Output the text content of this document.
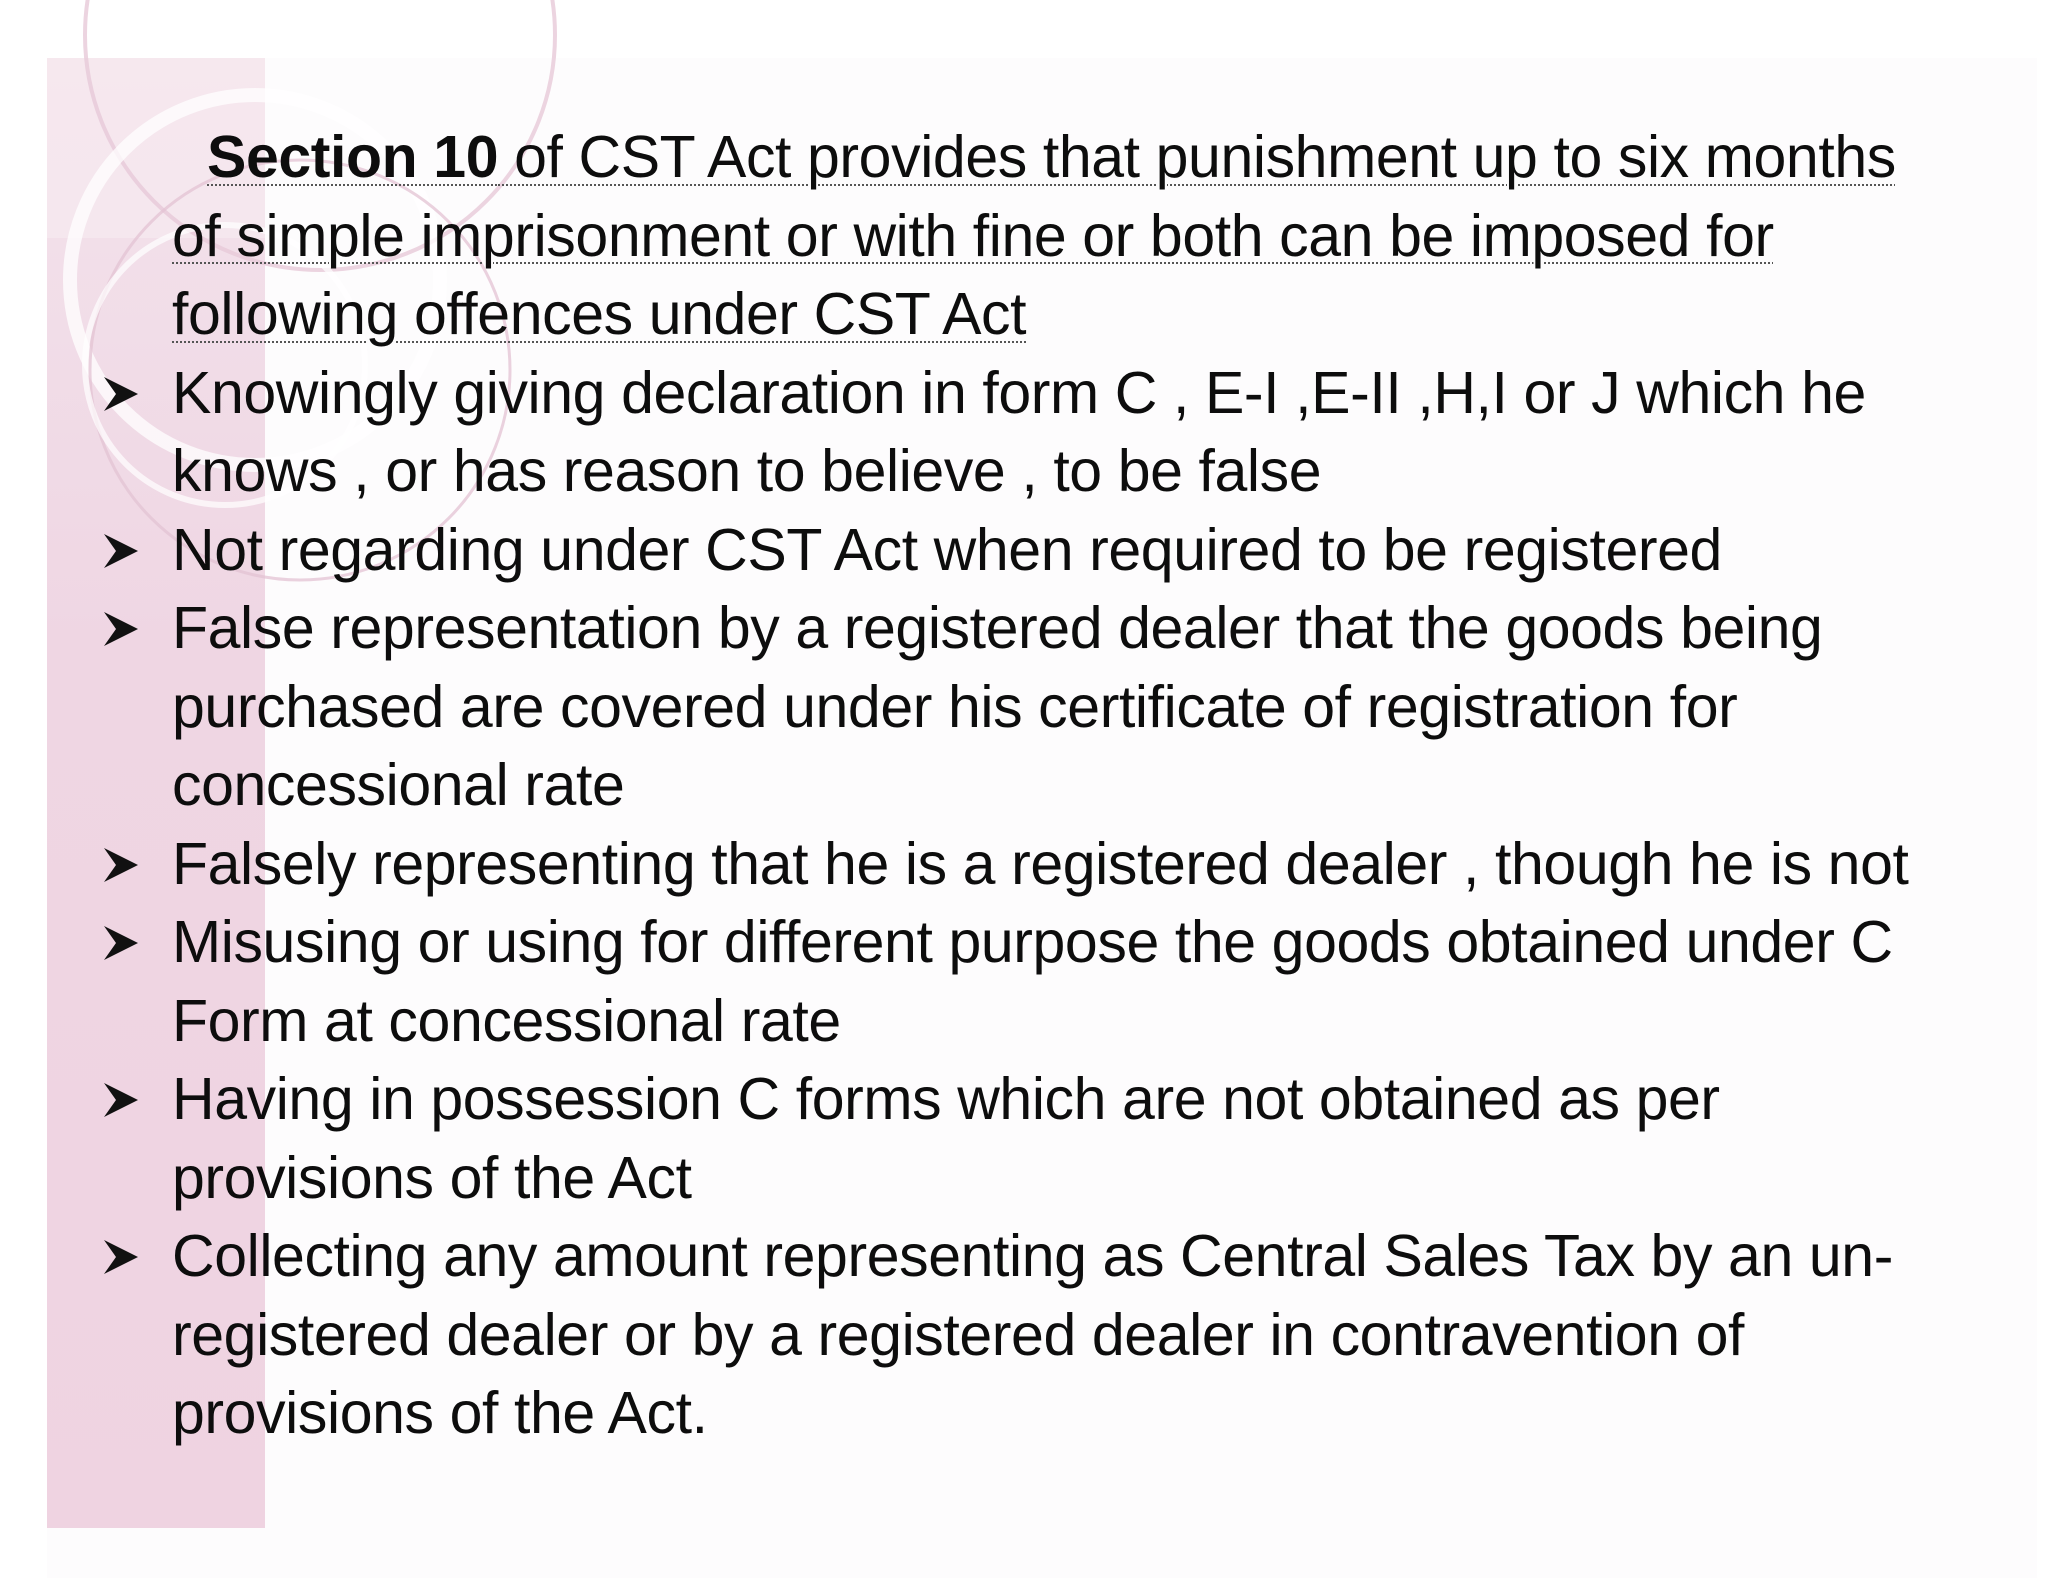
Section 10 of CST Act provides that punishment up to six months of simple imprisonment or with fine or both can be imposed for following offences under CST Act

Knowingly giving declaration in form C , E-I ,E-II ,H,I or J which he knows , or has reason to believe , to be false
Not regarding under CST Act when required to be registered
False representation by a registered dealer that the goods being purchased are covered under his certificate of registration for concessional rate
Falsely representing that he is a registered dealer , though he is not
Misusing or using for different purpose the goods obtained under C Form at concessional rate
Having in possession C forms which are not obtained as per provisions of the Act
Collecting any amount representing as Central Sales Tax by an un-registered dealer or by a registered dealer in contravention of provisions of the Act.
